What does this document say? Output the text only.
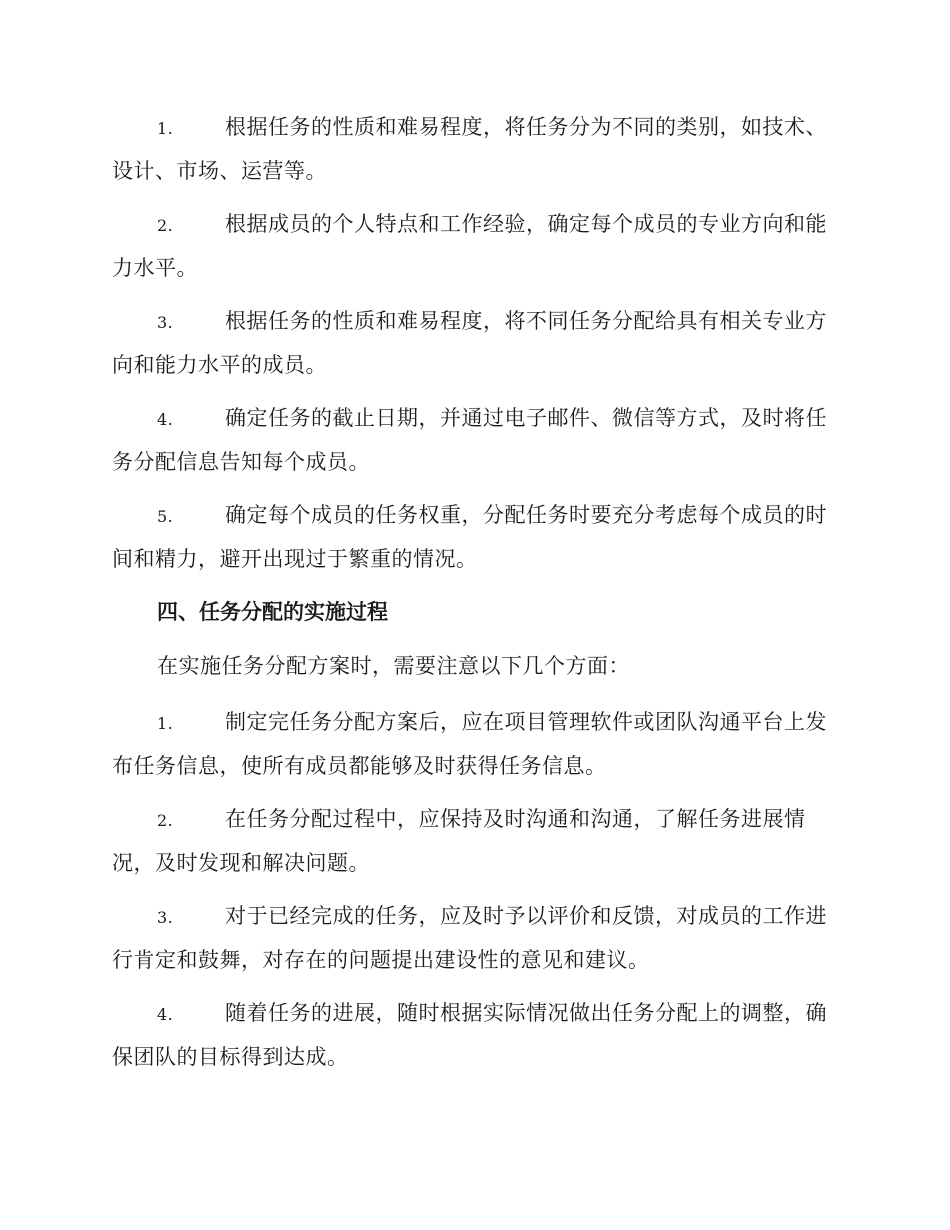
1. 根据任务的性质和难易程度，将任务分为不同的类别，如技术、设计、市场、运营等。
2. 根据成员的个人特点和工作经验，确定每个成员的专业方向和能力水平。
3. 根据任务的性质和难易程度，将不同任务分配给具有相关专业方向和能力水平的成员。
4. 确定任务的截止日期，并通过电子邮件、微信等方式，及时将任务分配信息告知每个成员。
5. 确定每个成员的任务权重，分配任务时要充分考虑每个成员的时间和精力，避开出现过于繁重的情况。
四、任务分配的实施过程
在实施任务分配方案时，需要注意以下几个方面：
1. 制定完任务分配方案后，应在项目管理软件或团队沟通平台上发布任务信息，使所有成员都能够及时获得任务信息。
2. 在任务分配过程中，应保持及时沟通和沟通，了解任务进展情况，及时发现和解决问题。
3. 对于已经完成的任务，应及时予以评价和反馈，对成员的工作进行肯定和鼓舞，对存在的问题提出建设性的意见和建议。
4. 随着任务的进展，随时根据实际情况做出任务分配上的调整，确保团队的目标得到达成。
